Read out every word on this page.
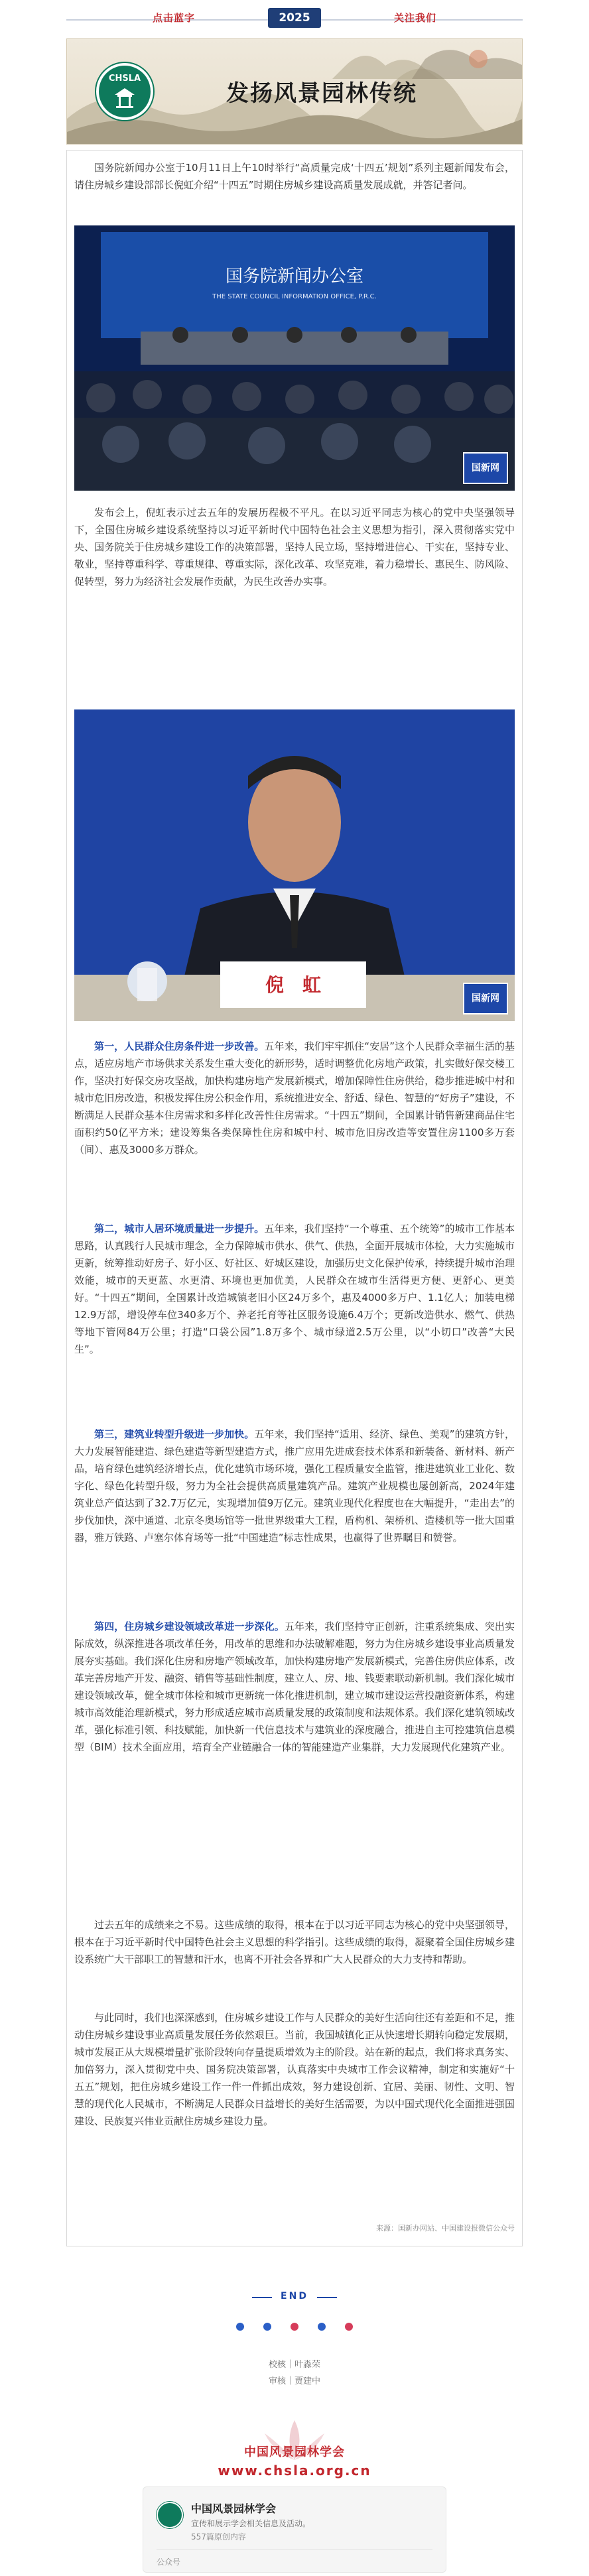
点击蓝字	2025	关注我们
CHSLA
发扬风景园林传统

国务院新闻办公室于10月11日上午10时举行“高质量完成‘十四五’规划”系列主题新闻发布会，请住房城乡建设部部长倪虹介绍“十四五”时期住房城乡建设高质量发展成就，并答记者问。

国务院新闻办公室
THE STATE COUNCIL INFORMATION OFFICE, P.R.C.
国新网

发布会上，倪虹表示过去五年的发展历程极不平凡。在以习近平同志为核心的党中央坚强领导下，全国住房城乡建设系统坚持以习近平新时代中国特色社会主义思想为指引，深入贯彻落实党中央、国务院关于住房城乡建设工作的决策部署，坚持人民立场，坚持增进信心、干实在，坚持专业、敬业，坚持尊重科学、尊重规律、尊重实际，深化改革、攻坚克难，着力稳增长、惠民生、防风险、促转型，努力为经济社会发展作贡献，为民生改善办实事。

倪　虹
国新网

第一，人民群众住房条件进一步改善。五年来，我们牢牢抓住“安居”这个人民群众幸福生活的基点，适应房地产市场供求关系发生重大变化的新形势，适时调整优化房地产政策，扎实做好保交楼工作，坚决打好保交房攻坚战，加快构建房地产发展新模式，增加保障性住房供给，稳步推进城中村和城市危旧房改造，积极发挥住房公积金作用，系统推进安全、舒适、绿色、智慧的“好房子”建设，不断满足人民群众基本住房需求和多样化改善性住房需求。“十四五”期间，全国累计销售新建商品住宅面积约50亿平方米；建设筹集各类保障性住房和城中村、城市危旧房改造等安置住房1100多万套（间）、惠及3000多万群众。

第二，城市人居环境质量进一步提升。五年来，我们坚持“一个尊重、五个统筹”的城市工作基本思路，认真践行人民城市理念，全力保障城市供水、供气、供热，全面开展城市体检，大力实施城市更新，统筹推动好房子、好小区、好社区、好城区建设，加强历史文化保护传承，持续提升城市治理效能，城市的天更蓝、水更清、环境也更加优美，人民群众在城市生活得更方便、更舒心、更美好。“十四五”期间，全国累计改造城镇老旧小区24万多个，惠及4000多万户、1.1亿人；加装电梯12.9万部，增设停车位340多万个、养老托育等社区服务设施6.4万个；更新改造供水、燃气、供热等地下管网84万公里；打造“口袋公园”1.8万多个、城市绿道2.5万公里，以“小切口”改善“大民生”。

第三，建筑业转型升级进一步加快。五年来，我们坚持“适用、经济、绿色、美观”的建筑方针，大力发展智能建造、绿色建造等新型建造方式，推广应用先进成套技术体系和新装备、新材料、新产品，培育绿色建筑经济增长点，优化建筑市场环境，强化工程质量安全监管，推进建筑业工业化、数字化、绿色化转型升级，努力为全社会提供高质量建筑产品。建筑产业规模也屡创新高，2024年建筑业总产值达到了32.7万亿元，实现增加值9万亿元。建筑业现代化程度也在大幅提升，“走出去”的步伐加快，深中通道、北京冬奥场馆等一批世界级重大工程，盾构机、架桥机、造楼机等一批大国重器，雅万铁路、卢塞尔体育场等一批“中国建造”标志性成果，也赢得了世界瞩目和赞誉。

第四，住房城乡建设领域改革进一步深化。五年来，我们坚持守正创新，注重系统集成、突出实际成效，纵深推进各项改革任务，用改革的思维和办法破解难题，努力为住房城乡建设事业高质量发展夯实基础。我们深化住房和房地产领域改革，加快构建房地产发展新模式，完善住房供应体系，改革完善房地产开发、融资、销售等基础性制度，建立人、房、地、钱要素联动新机制。我们深化城市建设领域改革，健全城市体检和城市更新统一体化推进机制，建立城市建设运营投融资新体系，构建城市高效能治理新模式，努力形成适应城市高质量发展的政策制度和法规体系。我们深化建筑领域改革，强化标准引领、科技赋能，加快新一代信息技术与建筑业的深度融合，推进自主可控建筑信息模型（BIM）技术全面应用，培育全产业链融合一体的智能建造产业集群，大力发展现代化建筑产业。

过去五年的成绩来之不易。这些成绩的取得，根本在于以习近平同志为核心的党中央坚强领导，根本在于习近平新时代中国特色社会主义思想的科学指引。这些成绩的取得，凝聚着全国住房城乡建设系统广大干部职工的智慧和汗水，也离不开社会各界和广大人民群众的大力支持和帮助。

与此同时，我们也深深感到，住房城乡建设工作与人民群众的美好生活向往还有差距和不足，推动住房城乡建设事业高质量发展任务依然艰巨。当前，我国城镇化正从快速增长期转向稳定发展期，城市发展正从大规模增量扩张阶段转向存量提质增效为主的阶段。站在新的起点，我们将求真务实、加倍努力，深入贯彻党中央、国务院决策部署，认真落实中央城市工作会议精神，制定和实施好“十五五”规划，把住房城乡建设工作一件一件抓出成效，努力建设创新、宜居、美丽、韧性、文明、智慧的现代化人民城市，不断满足人民群众日益增长的美好生活需要，为以中国式现代化全面推进强国建设、民族复兴伟业贡献住房城乡建设力量。

来源：国新办网站、中国建设报微信公众号
END

校核｜叶淼荣
审核｜贾建中
中国风景园林学会
www.chsla.org.cn
中国风景园林学会
宣传和展示学会相关信息及活动。
557篇原创内容
公众号
